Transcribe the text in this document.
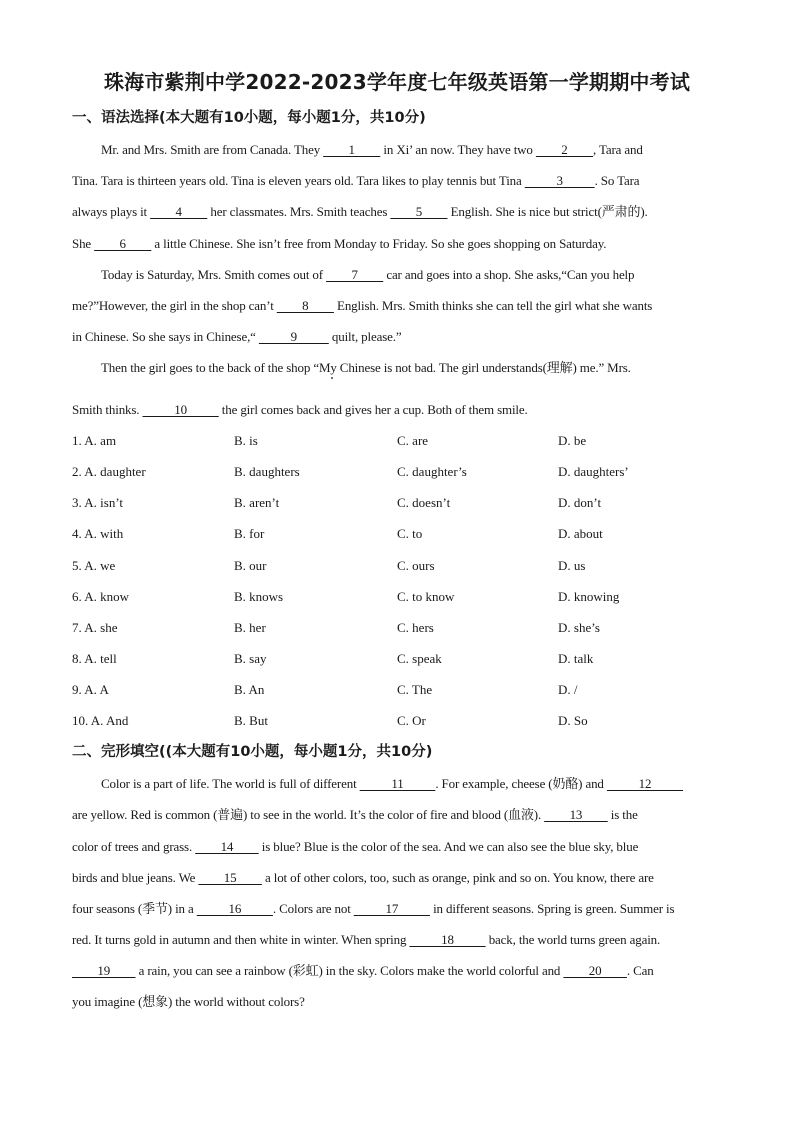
珠海市紫荆中学2022-2023学年度七年级英语第一学期期中考试
一、语法选择(本大题有10小题，每小题1分，共10分)
Mr. and Mrs. Smith are from Canada. They     1     in Xi’ an now. They have two     2    , Tara and
Tina. Tara is thirteen years old. Tina is eleven years old. Tara likes to play tennis but Tina      3     . So Tara
always plays it     4     her classmates. Mrs. Smith teaches     5     English. She is nice but strict(严肃的).
She     6     a little Chinese. She isn’t free from Monday to Friday. So she goes shopping on Saturday.
Today is Saturday, Mrs. Smith comes out of     7     car and goes into a shop. She asks,“Can you help
me?”However, the girl in the shop can’t     8     English. Mrs. Smith thinks she can tell the girl what she wants
in Chinese. So she says in Chinese,“      9      quilt, please.”
Then the girl goes to the back of the shop “My Chinese is not bad. The girl understands(理解) me.” Mrs.
Smith thinks.      10      the girl comes back and gives her a cup. Both of them smile.
1. A. am	B. is	C. are	D. be
2. A. daughter	B. daughters	C. daughter’s	D. daughters’
3. A. isn’t	B. aren’t	C. doesn’t	D. don’t
4. A. with	B. for	C. to	D. about
5. A. we	B. our	C. ours	D. us
6. A. know	B. knows	C. to know	D. knowing
7. A. she	B. her	C. hers	D. she’s
8. A. tell	B. say	C. speak	D. talk
9. A. A	B. An	C. The	D. /
10. A. And	B. But	C. Or	D. So
二、完形填空((本大题有10小题，每小题1分，共10分)
Color is a part of life. The world is full of different      11     . For example, cheese (奶酪) and      12     
are yellow. Red is common (普遍) to see in the world. It’s the color of fire and blood (血液).     13     is the
color of trees and grass.     14     is blue? Blue is the color of the sea. And we can also see the blue sky, blue
birds and blue jeans. We     15     a lot of other colors, too, such as orange, pink and so on. You know, there are
four seasons (季节) in a      16     . Colors are not      17      in different seasons. Spring is green. Summer is
red. It turns gold in autumn and then white in winter. When spring      18      back, the world turns green again.
    19     a rain, you can see a rainbow (彩虹) in the sky. Colors make the world colorful and     20    . Can
you imagine (想象) the world without colors?
